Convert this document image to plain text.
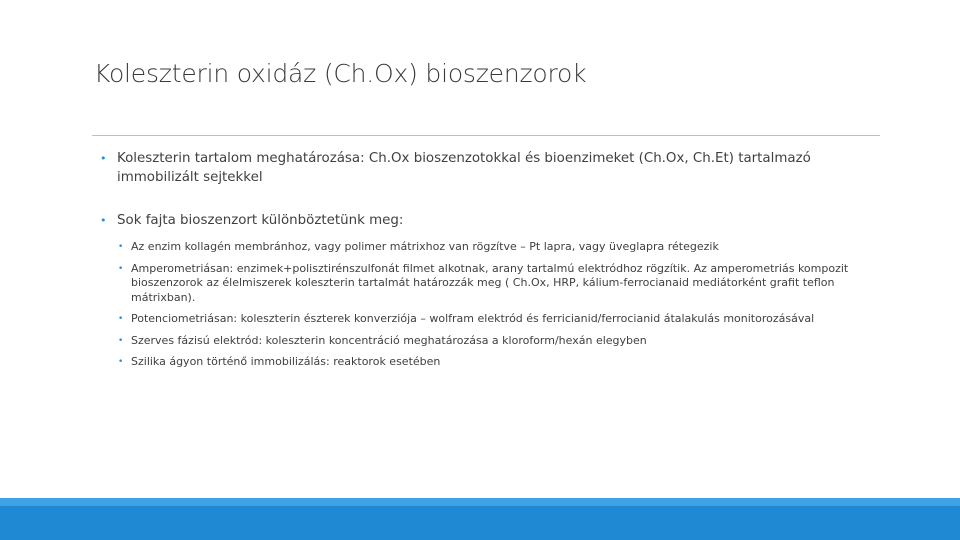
Koleszterin oxidáz (Ch.Ox) bioszenzorok
• Koleszterin tartalom meghatározása: Ch.Ox bioszenzotokkal és bioenzimeket (Ch.Ox, Ch.Et) tartalmazó immobilizált sejtekkel
• Sok fajta bioszenzort különböztetünk meg:
• Az enzim kollagén membránhoz, vagy polimer mátrixhoz van rögzítve – Pt lapra, vagy üveglapra rétegezik
• Amperometriásan: enzimek+polisztirénszulfonát filmet alkotnak, arany tartalmú elektródhoz rögzítik. Az amperometriás kompozit bioszenzorok az élelmiszerek koleszterin tartalmát határozzák meg ( Ch.Ox, HRP, kálium-ferrocianaid mediátorként grafit teflon mátrixban).
• Potenciometriásan: koleszterin észterek konverziója – wolfram elektród és ferricianid/ferrocianid átalakulás monitorozásával
• Szerves fázisú elektród: koleszterin koncentráció meghatározása a kloroform/hexán elegyben
• Szilika ágyon történő immobilizálás: reaktorok esetében
